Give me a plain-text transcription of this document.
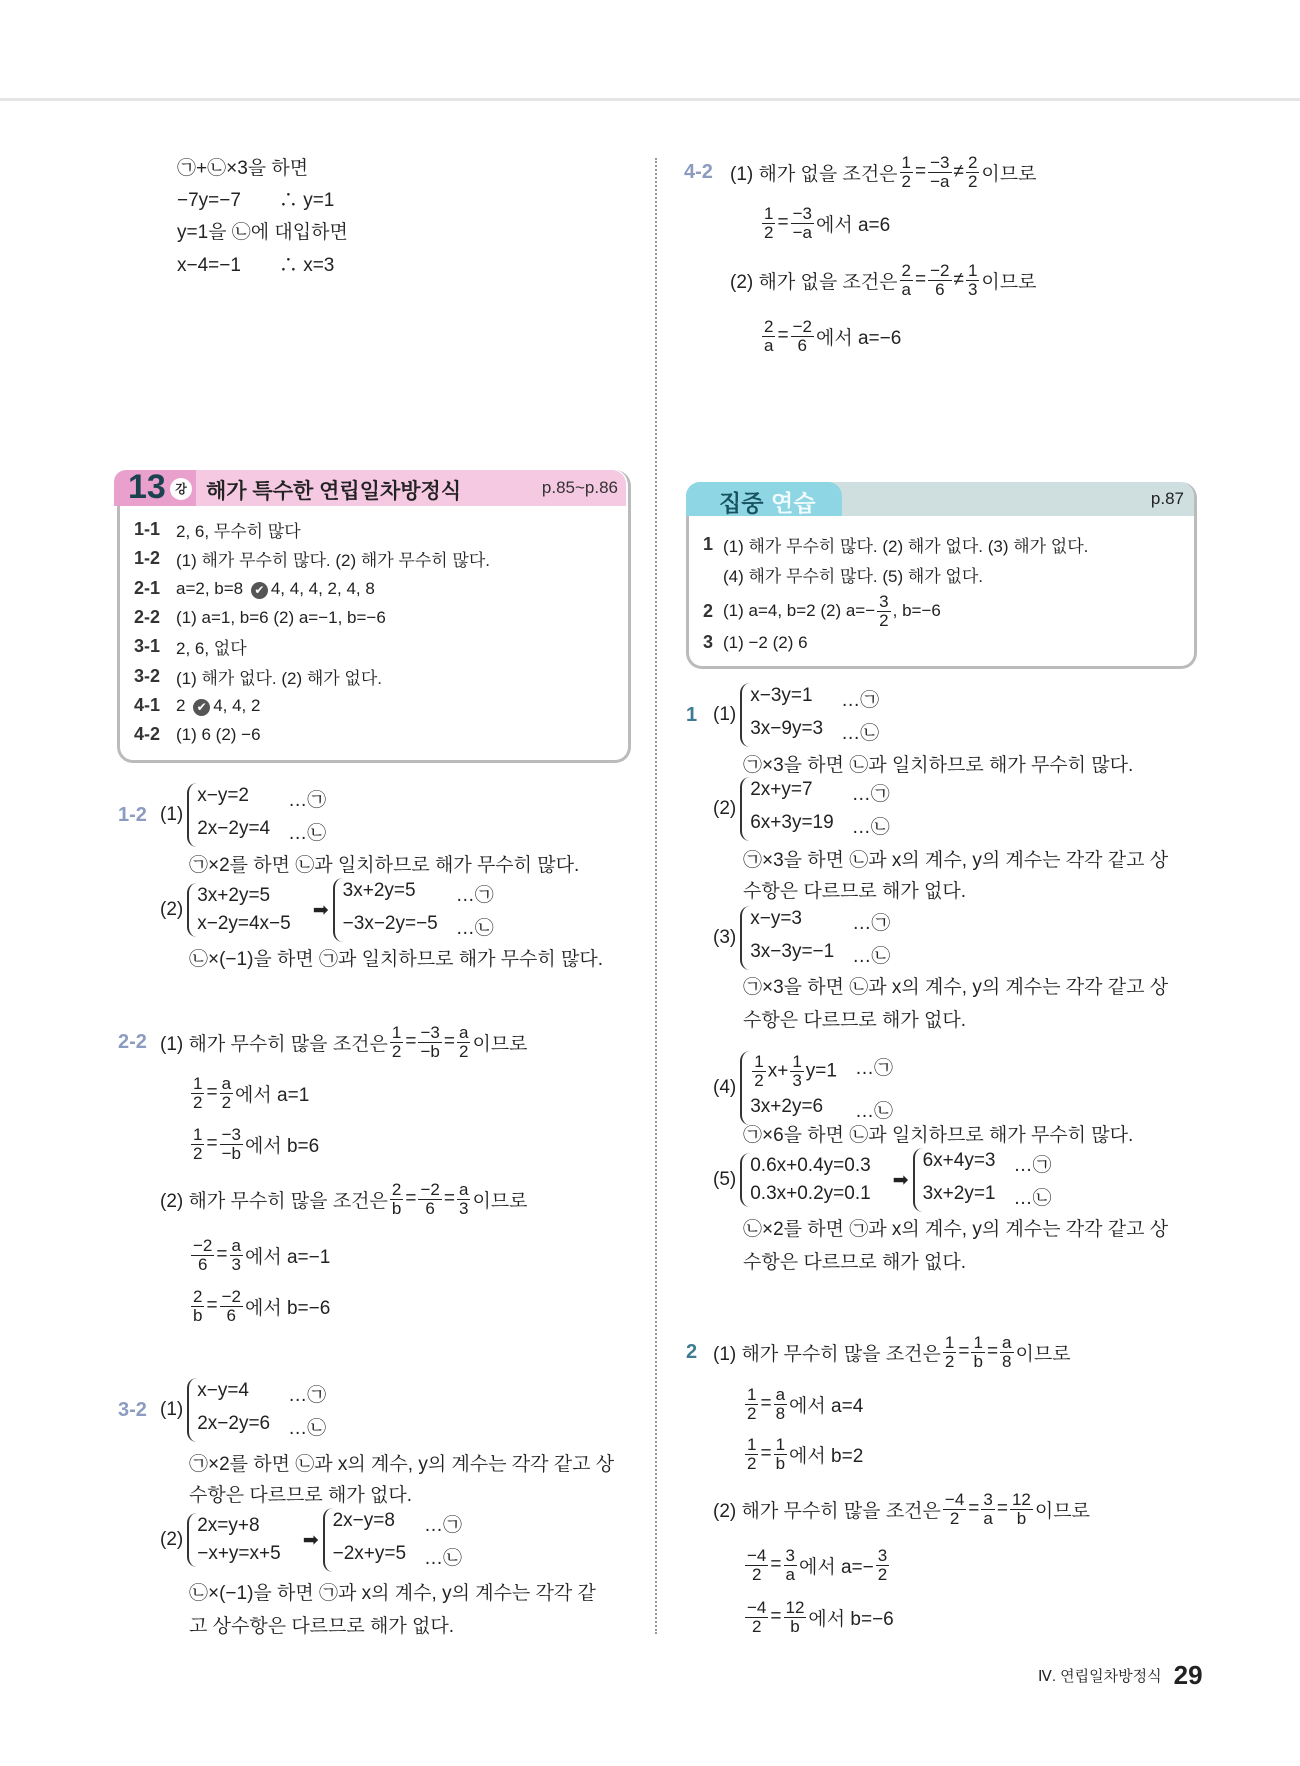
㉠+㉡×3을 하면
−7y=−7　　∴ y=1
y=1을 ㉡에 대입하면
x−4=−1　　∴ x=3
4-2 (1) 해가 없을 조건은 $\frac{1}{2} = \frac{-3}{-a} \ne \frac{2}{2}$ 이므로
$\frac{1}{2} = \frac{-3}{-a}$ 에서 a=6
(2) 해가 없을 조건은 $\frac{2}{a} = \frac{-2}{6} \ne \frac{1}{3}$ 이므로
$\frac{2}{a} = \frac{-2}{6}$ 에서 a=−6
13 강 해가 특수한 연립일차방정식	p.85~p.86
1-1 2, 6, 무수히 많다
1-2 (1) 해가 무수히 많다. (2) 해가 무수히 많다.
2-1 a=2, b=8 ✔ 4, 4, 4, 2, 4, 8
2-2 (1) a=1, b=6 (2) a=−1, b=−6
3-1 2, 6, 없다
3-2 (1) 해가 없다. (2) 해가 없다.
4-1 2 ✔ 4, 4, 2
4-2 (1) 6 (2) −6
집중 연습	p.87
1 (1) 해가 무수히 많다. (2) 해가 없다. (3) 해가 없다.
(4) 해가 무수히 많다. (5) 해가 없다.
2 (1) a=4, b=2 (2) $a=- \frac{3}{2}$ , b=−6
3 (1) −2 (2) 6
1-2 (1)
x−y=2	…㉠
2x−2y=4 …㉡
㉠×2를 하면 ㉡과 일치하므로 해가 무수히 많다.
(2)
3x+2y=5
x−2y=4x−5
➡
3x+2y=5	…㉠
−3x−2y=−5 …㉡
㉡×(−1)을 하면 ㉠과 일치하므로 해가 무수히 많다.
2-2 (1) 해가 무수히 많을 조건은 $\frac{1}{2} = \frac{-3}{-b} = \frac{a}{2}$ 이므로
$\frac{1}{2} = \frac{a}{2}$ 에서 a=1
$\frac{1}{2} = \frac{-3}{-b}$ 에서 b=6
(2) 해가 무수히 많을 조건은 $\frac{2}{b} = \frac{-2}{6} = \frac{a}{3}$ 이므로
$\frac{-2}{6} = \frac{a}{3}$ 에서 a=−1
$\frac{2}{b} = \frac{-2}{6}$ 에서 b=−6
3-2 (1)
x−y=4	…㉠
2x−2y=6 …㉡
㉠×2를 하면 ㉡과 x의 계수, y의 계수는 각각 같고 상
수항은 다르므로 해가 없다.
(2)
2x=y+8
−x+y=x+5
➡
2x−y=8	…㉠
−2x+y=5 …㉡
㉡×(−1)을 하면 ㉠과 x의 계수, y의 계수는 각각 같
고 상수항은 다르므로 해가 없다.
1 (1)
x−3y=1	…㉠
3x−9y=3 …㉡
㉠×3을 하면 ㉡과 일치하므로 해가 무수히 많다.
(2)
2x+y=7	…㉠
6x+3y=19 …㉡
㉠×3을 하면 ㉡과 x의 계수, y의 계수는 각각 같고 상
수항은 다르므로 해가 없다.
(3)
x−y=3	…㉠
3x−3y=−1 …㉡
㉠×3을 하면 ㉡과 x의 계수, y의 계수는 각각 같고 상
수항은 다르므로 해가 없다.
$(4) \frac{1}{2} x+ \frac{1}{3} y=1$ …㉠
3x+2y=6	…㉡
㉠×6을 하면 ㉡과 일치하므로 해가 무수히 많다.
(5)
0.6x+0.4y=0.3
0.3x+0.2y=0.1
➡
6x+4y=3 …㉠
3x+2y=1 …㉡
㉡×2를 하면 ㉠과 x의 계수, y의 계수는 각각 같고 상
수항은 다르므로 해가 없다.
2 (1) 해가 무수히 많을 조건은 $\frac{1}{2} = \frac{1}{b} = \frac{a}{8}$ 이므로
$\frac{1}{2} = \frac{a}{8}$ 에서 a=4
$\frac{1}{2} = \frac{1}{b}$ 에서 b=2
(2) 해가 무수히 많을 조건은 $\frac{-4}{2} = \frac{3}{a} = \frac{12}{b}$ 이므로
$\frac{-4}{2} = \frac{3}{a}$ 에서 $a=- \frac{3}{2}$
$\frac{-4}{2} = \frac{12}{b}$ 에서 b=−6
Ⅳ. 연립일차방정식 29
